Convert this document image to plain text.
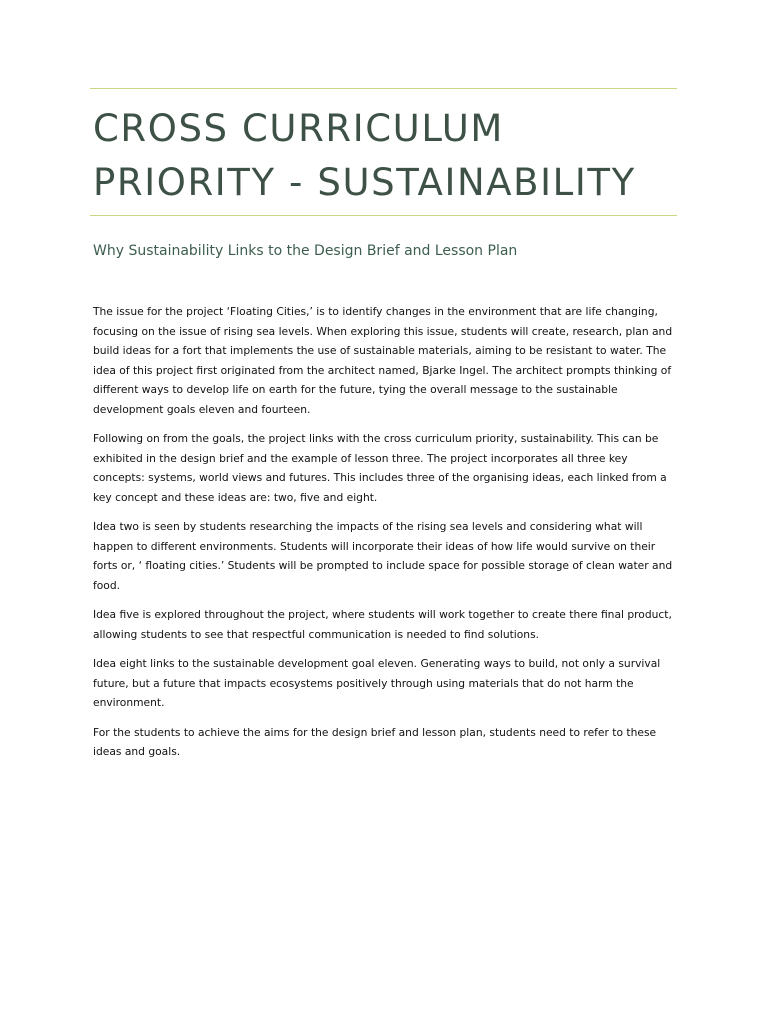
CROSS CURRICULUM
PRIORITY - SUSTAINABILITY
Why Sustainability Links to the Design Brief and Lesson Plan

The issue for the project ‘Floating Cities,’ is to identify changes in the environment that are life changing, focusing on the issue of rising sea levels. When exploring this issue, students will create, research, plan and build ideas for a fort that implements the use of sustainable materials, aiming to be resistant to water. The idea of this project first originated from the architect named, Bjarke Ingel. The architect prompts thinking of different ways to develop life on earth for the future, tying the overall message to the sustainable development goals eleven and fourteen.

Following on from the goals, the project links with the cross curriculum priority, sustainability. This can be exhibited in the design brief and the example of lesson three. The project incorporates all three key concepts: systems, world views and futures. This includes three of the organising ideas, each linked from a key concept and these ideas are: two, five and eight.

Idea two is seen by students researching the impacts of the rising sea levels and considering what will happen to different environments. Students will incorporate their ideas of how life would survive on their forts or, ‘ floating cities.’ Students will be prompted to include space for possible storage of clean water and food.

Idea five is explored throughout the project, where students will work together to create there final product, allowing students to see that respectful communication is needed to find solutions.

Idea eight links to the sustainable development goal eleven. Generating ways to build, not only a survival future, but a future that impacts ecosystems positively through using materials that do not harm the environment.

For the students to achieve the aims for the design brief and lesson plan, students need to refer to these ideas and goals.
